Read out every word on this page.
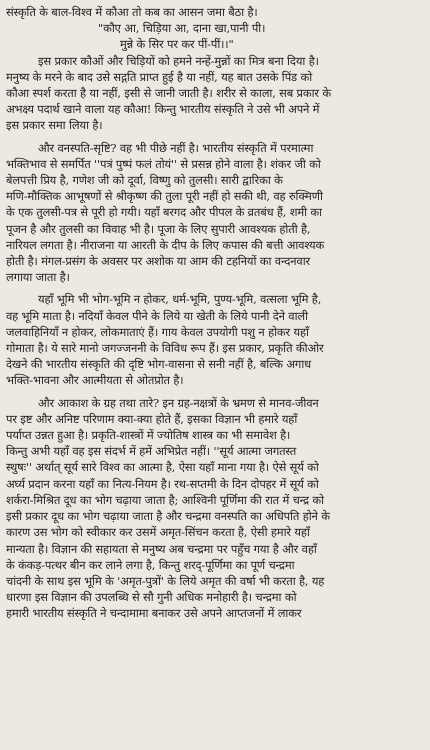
संस्कृति के बाल-विश्व में कौआ तो कब का आसन जमा बैठा है।
"कौए आ, चिड़िया आ, दाना खा,पानी पी।
मुन्ने के सिर पर कर पीं-पीं।।"
इस प्रकार कौओं और चिड़ियों को हमने नन्हें-मुन्नों का मित्र बना दिया है।
मनुष्य के मरने के बाद उसे सद्गति प्राप्त हुई है या नहीं, यह बात उसके पिंड को
कौआ स्पर्श करता है या नहीं, इसी से जानी जाती है। शरीर से काला, सब प्रकार के
अभक्ष्य पदार्थ खाने वाला यह कौआ! किन्तु भारतीय संस्कृति ने उसे भी अपने में
इस प्रकार समा लिया है।
और वनस्पति-सृष्टि? वह भी पीछे नहीं है। भारतीय संस्कृति में परमात्मा
भक्तिभाव से समर्पित ''पत्रं पुष्पं फलं तोयं'' से प्रसन्न होने वाला है। शंकर जी को
बेलपत्ती प्रिय है, गणेश जी को दूर्वा, विष्णु को तुलसी। सारी द्वारिका के
मणि-मौक्तिक आभूषणों से श्रीकृष्ण की तुला पूरी नहीं हो सकी थी, वह रुक्मिणी
के एक तुलसी-पत्र से पूरी हो गयी। यहाँ बरगद और पीपल के व्रतबंध हैं, शमी का
पूजन है और तुलसी का विवाह भी है। पूजा के लिए सुपारी आवश्यक होती है,
नारियल लगता है। नीराजना या आरती के दीप के लिए कपास की बत्ती आवश्यक
होती है। मंगल-प्रसंग के अवसर पर अशोक या आम की टहनियों का वन्दनवार
लगाया जाता है।
यहाँ भूमि भी भोग-भूमि न होकर, धर्म-भूमि, पुण्य-भूमि, वत्सला भूमि है,
वह भूमि माता है। नदियाँ केवल पीने के लिये या खेती के लिये पानी देने वाली
जलवाहिनियाँ न होकर, लोकमाताएं हैं। गाय केवल उपयोगी पशु न होकर यहाँ
गोमाता है। ये सारे मानो जगज्जननी के विविध रूप हैं। इस प्रकार, प्रकृति कीओर
देखने की भारतीय संस्कृति की दृष्टि भोग-वासना से सनी नहीं है, बल्कि अगाध
भक्ति-भावना और आत्मीयता से ओतप्रोत है।
और आकाश के ग्रह तथा तारे? इन ग्रह-नक्षत्रों के भ्रमण से मानव-जीवन
पर इष्ट और अनिष्ट परिणाम क्या-क्या होते हैं, इसका विज्ञान भी हमारे यहाँ
पर्याप्त उन्नत हुआ है। प्रकृति-शास्त्रों में ज्योतिष शास्त्र का भी समावेश है।
किन्तु अभी यहाँ वह इस संदर्भ में हमें अभिप्रेत नहीं। ''सूर्य आत्मा जगतस्त
स्थुषः'' अर्थात् सूर्य सारे विश्व का आत्मा है, ऐसा यहाँ माना गया है। ऐसे सूर्य को
अर्घ्य प्रदान करना यहाँ का नित्य-नियम है। रथ-सप्तमी के दिन दोपहर में सूर्य को
शर्करा-मिश्रित दूध का भोग चढ़ाया जाता है; आश्विनी पूर्णिमा की रात में चन्द्र को
इसी प्रकार दूध का भोग चढ़ाया जाता है और चन्द्रमा वनस्पति का अधिपति होने के
कारण उस भोग को स्वीकार कर उसमें अमृत-सिंचन करता है, ऐसी हमारे यहाँ
मान्यता है। विज्ञान की सहायता से मनुष्य अब चन्द्रमा पर पहुँच गया है और वहाँ
के कंकड़-पत्थर बीन कर लाने लगा है, किन्तु शरद्-पूर्णिमा का पूर्ण चन्द्रमा
चांदनी के साथ इस भूमि के 'अमृत-पुत्रों' के लिये अमृत की वर्षा भी करता है, यह
धारणा इस विज्ञान की उपलब्धि से सौ गुनी अधिक मनोहारी है। चन्द्रमा को
हमारी भारतीय संस्कृति ने चन्दामामा बनाकर उसे अपने आप्तजनों में लाकर
